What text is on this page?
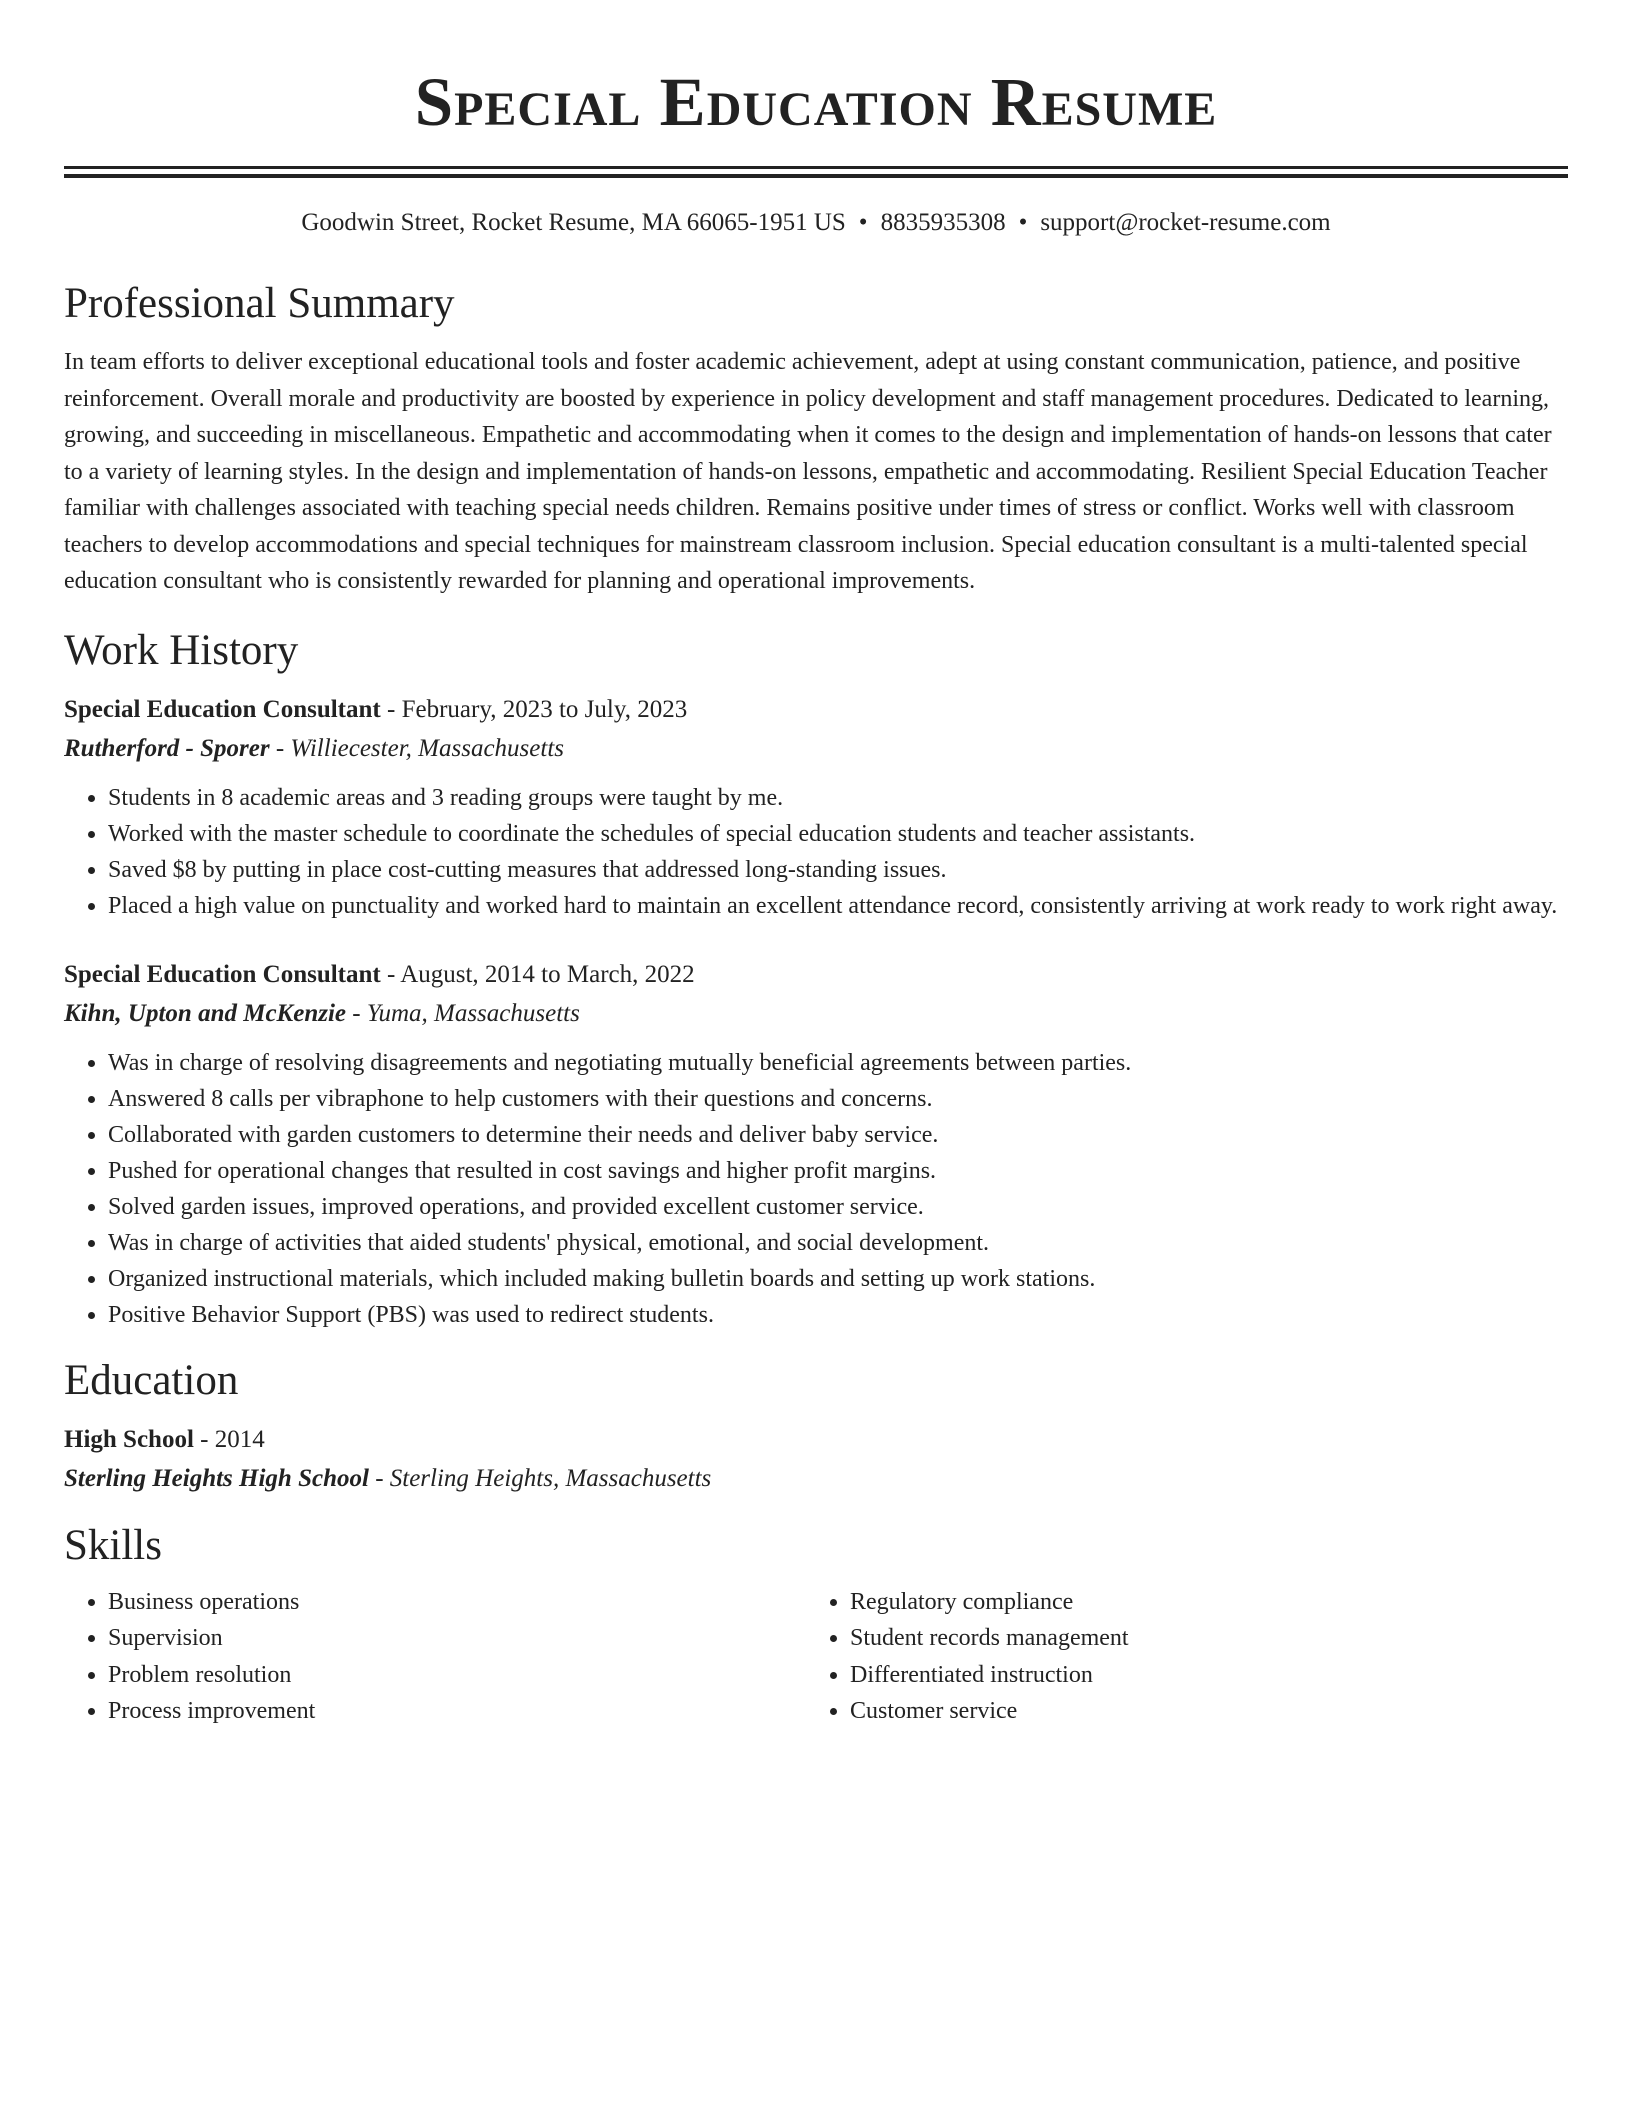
Special Education Resume
Goodwin Street, Rocket Resume, MA 66065-1951 US • 8835935308 • support@rocket-resume.com
Professional Summary

In team efforts to deliver exceptional educational tools and foster academic achievement, adept at using constant communication, patience, and positive reinforcement. Overall morale and productivity are boosted by experience in policy development and staff management procedures. Dedicated to learning, growing, and succeeding in miscellaneous. Empathetic and accommodating when it comes to the design and implementation of hands-on lessons that cater to a variety of learning styles. In the design and implementation of hands-on lessons, empathetic and accommodating. Resilient Special Education Teacher familiar with challenges associated with teaching special needs children. Remains positive under times of stress or conflict. Works well with classroom teachers to develop accommodations and special techniques for mainstream classroom inclusion. Special education consultant is a multi-talented special education consultant who is consistently rewarded for planning and operational improvements.

Work History
Special Education Consultant - February, 2023 to July, 2023
Rutherford - Sporer - Williecester, Massachusetts
• Students in 8 academic areas and 3 reading groups were taught by me.
• Worked with the master schedule to coordinate the schedules of special education students and teacher assistants.
• Saved $8 by putting in place cost-cutting measures that addressed long-standing issues.
• Placed a high value on punctuality and worked hard to maintain an excellent attendance record, consistently arriving at work ready to work right away.
Special Education Consultant - August, 2014 to March, 2022
Kihn, Upton and McKenzie - Yuma, Massachusetts
• Was in charge of resolving disagreements and negotiating mutually beneficial agreements between parties.
• Answered 8 calls per vibraphone to help customers with their questions and concerns.
• Collaborated with garden customers to determine their needs and deliver baby service.
• Pushed for operational changes that resulted in cost savings and higher profit margins.
• Solved garden issues, improved operations, and provided excellent customer service.
• Was in charge of activities that aided students' physical, emotional, and social development.
• Organized instructional materials, which included making bulletin boards and setting up work stations.
• Positive Behavior Support (PBS) was used to redirect students.
Education
High School - 2014
Sterling Heights High School - Sterling Heights, Massachusetts
Skills
• Business operations
• Supervision
• Problem resolution
• Process improvement
• Regulatory compliance
• Student records management
• Differentiated instruction
• Customer service
